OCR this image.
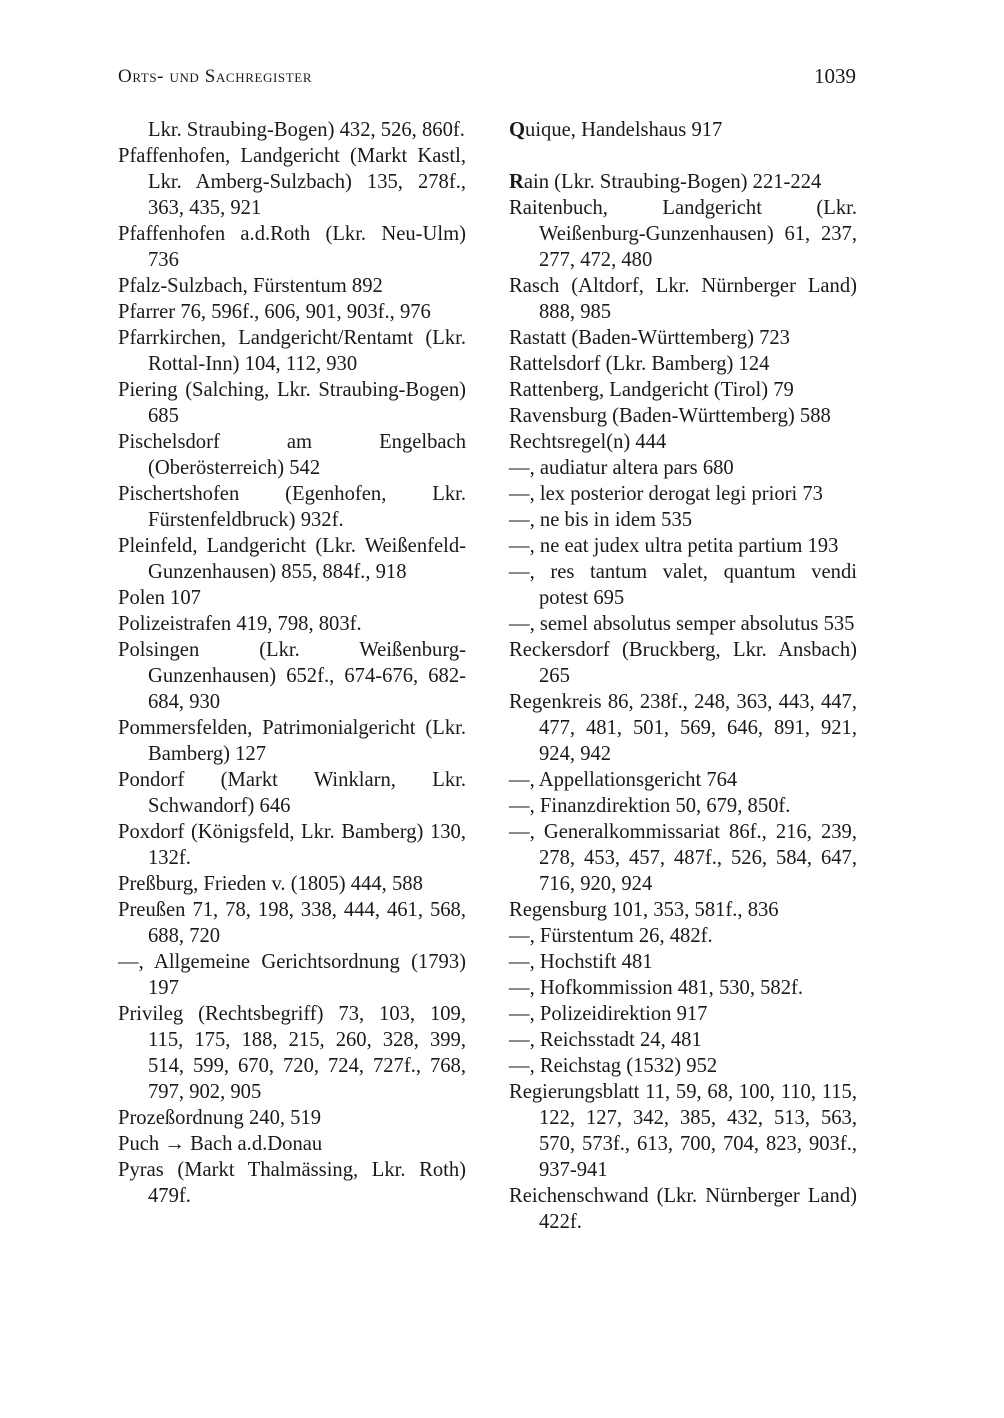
Orts- und Sachregister	1039
Lkr. Straubing-Bogen) 432, 526, 860f.
Pfaffenhofen, Landgericht (Markt Kastl, Lkr. Amberg-Sulzbach) 135, 278f., 363, 435, 921
Pfaffenhofen a.d.Roth (Lkr. Neu-Ulm) 736
Pfalz-Sulzbach, Fürstentum 892
Pfarrer 76, 596f., 606, 901, 903f., 976
Pfarrkirchen, Landgericht/Rentamt (Lkr. Rottal-Inn) 104, 112, 930
Piering (Salching, Lkr. Straubing-Bogen) 685
Pischelsdorf am Engelbach (Oberösterreich) 542
Pischertshofen (Egenhofen, Lkr. Fürstenfeldbruck) 932f.
Pleinfeld, Landgericht (Lkr. Weißenfeld-Gunzenhausen) 855, 884f., 918
Polen 107
Polizeistrafen 419, 798, 803f.
Polsingen (Lkr. Weißenburg-Gunzenhausen) 652f., 674-676, 682-684, 930
Pommersfelden, Patrimonialgericht (Lkr. Bamberg) 127
Pondorf (Markt Winklarn, Lkr. Schwandorf) 646
Poxdorf (Königsfeld, Lkr. Bamberg) 130, 132f.
Preßburg, Frieden v. (1805) 444, 588
Preußen 71, 78, 198, 338, 444, 461, 568, 688, 720
—, Allgemeine Gerichtsordnung (1793) 197
Privileg (Rechtsbegriff) 73, 103, 109, 115, 175, 188, 215, 260, 328, 399, 514, 599, 670, 720, 724, 727f., 768, 797, 902, 905
Prozeßordnung 240, 519
Puch → Bach a.d.Donau
Pyras (Markt Thalmässing, Lkr. Roth) 479f.
Quique, Handelshaus 917
Rain (Lkr. Straubing-Bogen) 221-224
Raitenbuch, Landgericht (Lkr. Weißenburg-Gunzenhausen) 61, 237, 277, 472, 480
Rasch (Altdorf, Lkr. Nürnberger Land) 888, 985
Rastatt (Baden-Württemberg) 723
Rattelsdorf (Lkr. Bamberg) 124
Rattenberg, Landgericht (Tirol) 79
Ravensburg (Baden-Württemberg) 588
Rechtsregel(n) 444
—, audiatur altera pars 680
—, lex posterior derogat legi priori 73
—, ne bis in idem 535
—, ne eat judex ultra petita partium 193
—, res tantum valet, quantum vendi potest 695
—, semel absolutus semper absolutus 535
Reckersdorf (Bruckberg, Lkr. Ansbach) 265
Regenkreis 86, 238f., 248, 363, 443, 447, 477, 481, 501, 569, 646, 891, 921, 924, 942
—, Appellationsgericht 764
—, Finanzdirektion 50, 679, 850f.
—, Generalkommissariat 86f., 216, 239, 278, 453, 457, 487f., 526, 584, 647, 716, 920, 924
Regensburg 101, 353, 581f., 836
—, Fürstentum 26, 482f.
—, Hochstift 481
—, Hofkommission 481, 530, 582f.
—, Polizeidirektion 917
—, Reichsstadt 24, 481
—, Reichstag (1532) 952
Regierungsblatt 11, 59, 68, 100, 110, 115, 122, 127, 342, 385, 432, 513, 563, 570, 573f., 613, 700, 704, 823, 903f., 937-941
Reichenschwand (Lkr. Nürnberger Land) 422f.
